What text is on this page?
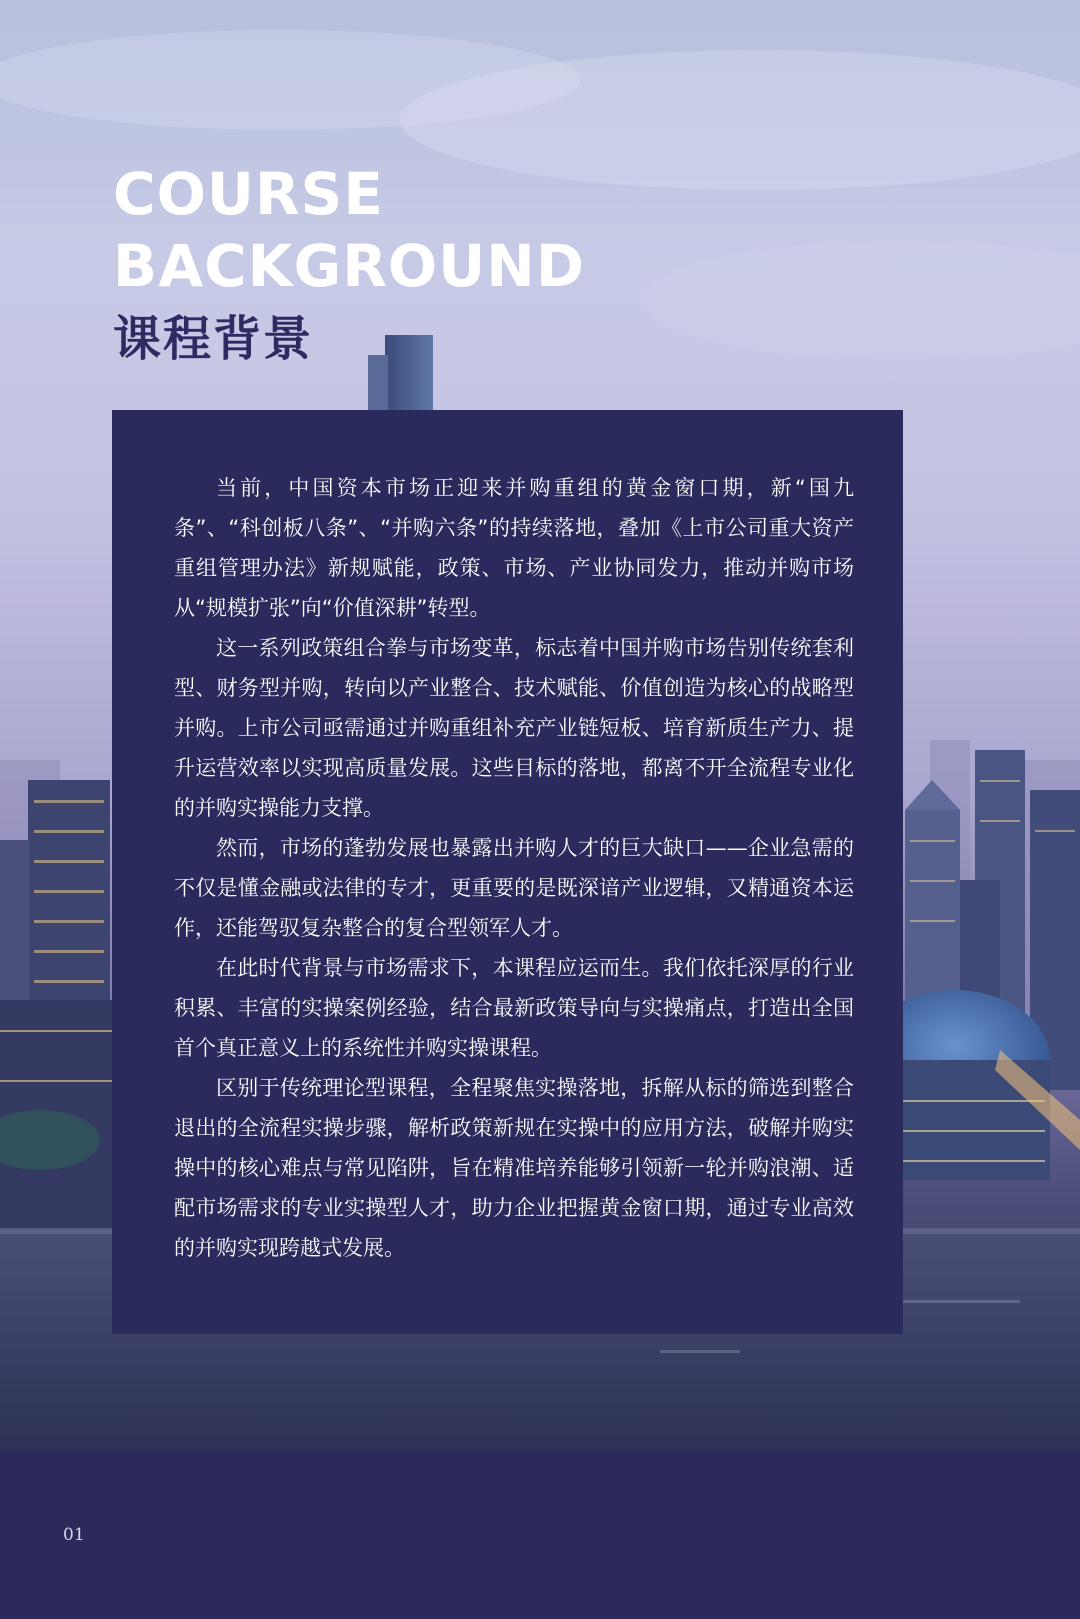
COURSE
BACKGROUND
课程背景

当前，中国资本市场正迎来并购重组的黄金窗口期，新“国九条”、“科创板八条”、“并购六条”的持续落地，叠加《上市公司重大资产重组管理办法》新规赋能，政策、市场、产业协同发力，推动并购市场从“规模扩张”向“价值深耕”转型。

这一系列政策组合拳与市场变革，标志着中国并购市场告别传统套利型、财务型并购，转向以产业整合、技术赋能、价值创造为核心的战略型并购。上市公司亟需通过并购重组补充产业链短板、培育新质生产力、提升运营效率以实现高质量发展。这些目标的落地，都离不开全流程专业化的并购实操能力支撑。

然而，市场的蓬勃发展也暴露出并购人才的巨大缺口——企业急需的不仅是懂金融或法律的专才，更重要的是既深谙产业逻辑，又精通资本运作，还能驾驭复杂整合的复合型领军人才。

在此时代背景与市场需求下，本课程应运而生。我们依托深厚的行业积累、丰富的实操案例经验，结合最新政策导向与实操痛点，打造出全国首个真正意义上的系统性并购实操课程。

区别于传统理论型课程，全程聚焦实操落地，拆解从标的筛选到整合退出的全流程实操步骤，解析政策新规在实操中的应用方法，破解并购实操中的核心难点与常见陷阱，旨在精准培养能够引领新一轮并购浪潮、适配市场需求的专业实操型人才，助力企业把握黄金窗口期，通过专业高效的并购实现跨越式发展。

01
